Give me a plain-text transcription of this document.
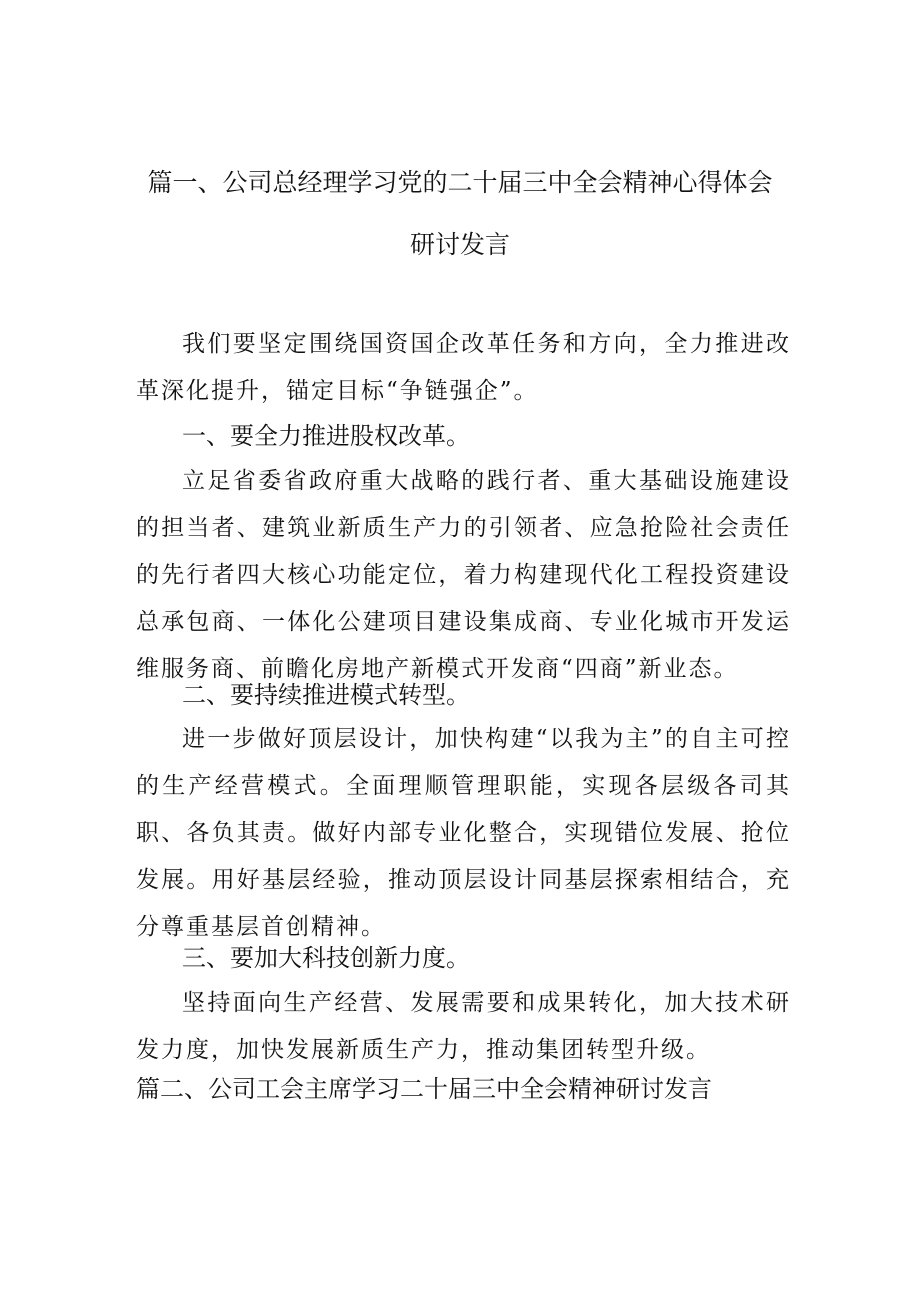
篇一、公司总经理学习党的二十届三中全会精神心得体会
研讨发言

我们要坚定围绕国资国企改革任务和方向，全力推进改革深化提升，锚定目标“争链强企”。

一、要全力推进股权改革。

立足省委省政府重大战略的践行者、重大基础设施建设的担当者、建筑业新质生产力的引领者、应急抢险社会责任的先行者四大核心功能定位，着力构建现代化工程投资建设总承包商、一体化公建项目建设集成商、专业化城市开发运维服务商、前瞻化房地产新模式开发商“四商”新业态。

二、要持续推进模式转型。

进一步做好顶层设计，加快构建“以我为主”的自主可控的生产经营模式。全面理顺管理职能，实现各层级各司其职、各负其责。做好内部专业化整合，实现错位发展、抢位发展。用好基层经验，推动顶层设计同基层探索相结合，充分尊重基层首创精神。

三、要加大科技创新力度。

坚持面向生产经营、发展需要和成果转化，加大技术研发力度，加快发展新质生产力，推动集团转型升级。

篇二、公司工会主席学习二十届三中全会精神研讨发言
